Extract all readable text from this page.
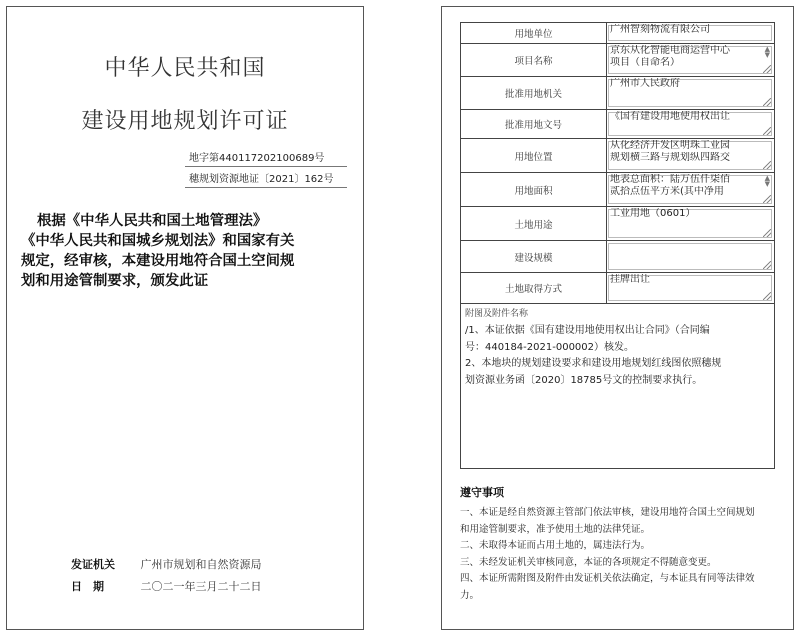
中华人民共和国
建设用地规划许可证
地字第440117202100689号
穗规划资源地证〔2021〕162号
根据《中华人民共和国土地管理法》
《中华人民共和国城乡规划法》和国家有关
规定，经审核，本建设用地符合国土空间规
划和用途管制要求，颁发此证
发证机关 广州市规划和自然资源局
日　期	二〇二一年三月二十二日
用地单位	广州智刻物流有限公司
项目名称
京东从化智能电商运营中心
项目（自命名）
▲
▼
批准用地机关
广州市人民政府
批准用地文号
《国有建设用地使用权出让
用地位置
从化经济开发区明珠工业园
规划横三路与规划纵四路交
用地面积
地表总面积：陆万伍仟柒佰
贰拾点伍平方米(其中净用
▲
▼
土地用途
工业用地（0601）
建设规模
土地取得方式
挂牌出让
附图及附件名称
/1、本证依据《国有建设用地使用权出让合同》（合同编
号：440184-2021-000002）核发。
2、本地块的规划建设要求和建设用地规划红线图依照穗规
划资源业务函〔2020〕18785号文的控制要求执行。
遵守事项
一、本证是经自然资源主管部门依法审核，建设用地符合国土空间规划
和用途管制要求，准予使用土地的法律凭证。
二、未取得本证而占用土地的，属违法行为。
三、未经发证机关审核同意，本证的各项规定不得随意变更。
四、本证所需附图及附件由发证机关依法确定，与本证具有同等法律效
力。
